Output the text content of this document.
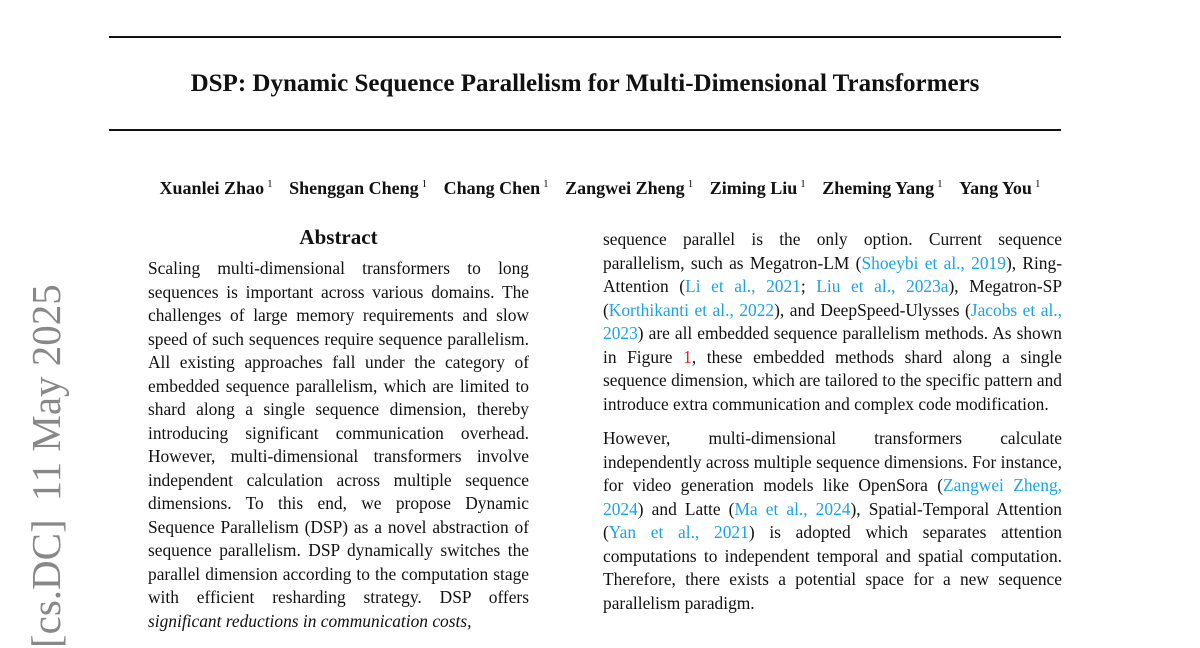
DSP: Dynamic Sequence Parallelism for Multi-Dimensional Transformers
Xuanlei Zhao $^1$ Shenggan Cheng $^1$ Chang Chen $^1$ Zangwei Zheng $^1$ Ziming Liu $^1$ Zheming Yang $^1$ Yang You $^1$
[cs.DC]11 May 2025
Abstract
Scaling multi-dimensional transformers to long sequences is important across various domains. The challenges of large memory requirements and slow speed of such sequences require sequence parallelism. All existing approaches fall under the category of embedded sequence parallelism, which are limited to shard along a single sequence dimension, thereby introducing significant communication overhead. However, multi-dimensional transformers involve independent calculation across multiple sequence dimensions. To this end, we propose Dynamic Sequence Parallelism (DSP) as a novel abstraction of sequence parallelism. DSP dynamically switches the parallel dimension according to the computation stage with efficient resharding strategy. DSP offers significant reductions in communication costs,

sequence parallel is the only option. Current sequence parallelism, such as Megatron-LM (Shoeybi et al., 2019), Ring-Attention (Li et al., 2021; Liu et al., 2023a), Megatron-SP (Korthikanti et al., 2022), and DeepSpeed-Ulysses (Jacobs et al., 2023) are all embedded sequence parallelism methods. As shown in Figure 1, these embedded methods shard along a single sequence dimension, which are tailored to the specific pattern and introduce extra communication and complex code modification.

However, multi-dimensional transformers calculate independently across multiple sequence dimensions. For instance, for video generation models like OpenSora (Zangwei Zheng, 2024) and Latte (Ma et al., 2024), Spatial-Temporal Attention (Yan et al., 2021) is adopted which separates attention computations to independent temporal and spatial computation. Therefore, there exists a potential space for a new sequence parallelism paradigm.
